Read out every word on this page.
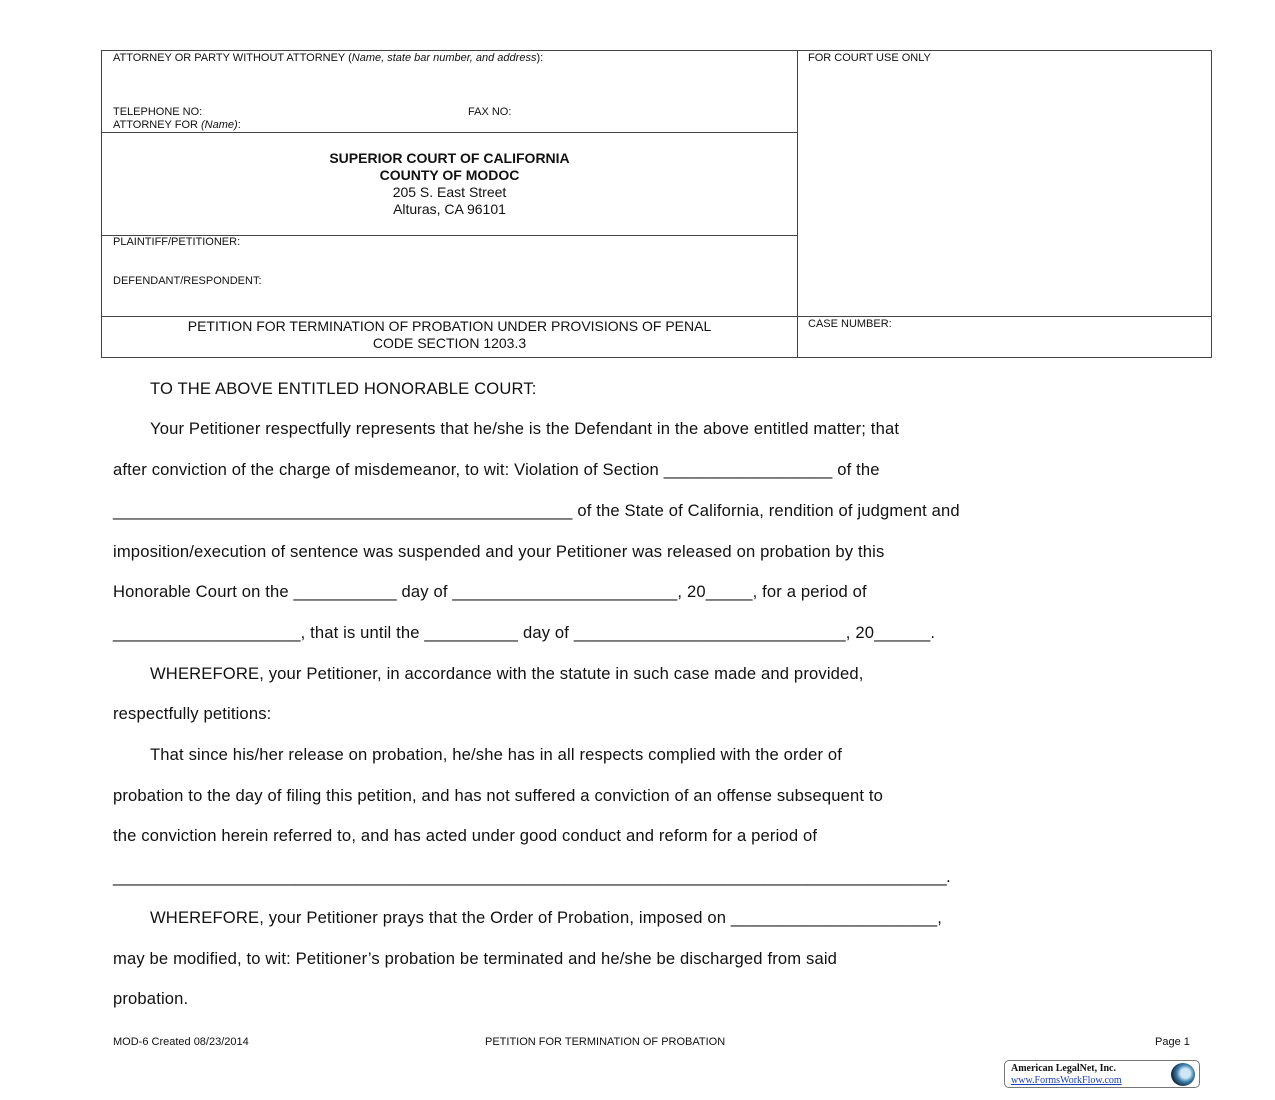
ATTORNEY OR PARTY WITHOUT ATTORNEY (Name, state bar number, and address):
TELEPHONE NO:	FAX NO:
ATTORNEY FOR (Name):
FOR COURT USE ONLY
SUPERIOR COURT OF CALIFORNIA
COUNTY OF MODOC
205 S. East Street
Alturas, CA 96101
PLAINTIFF/PETITIONER:
DEFENDANT/RESPONDENT:
PETITION FOR TERMINATION OF PROBATION UNDER PROVISIONS OF PENAL
CODE SECTION 1203.3
CASE NUMBER:
TO THE ABOVE ENTITLED HONORABLE COURT:
Your Petitioner respectfully represents that he/she is the Defendant in the above entitled matter; that
after conviction of the charge of misdemeanor, to wit: Violation of Section __________________ of the
_________________________________________________ of the State of California, rendition of judgment and
imposition/execution of sentence was suspended and your Petitioner was released on probation by this
Honorable Court on the ___________ day of ________________________, 20_____, for a period of
____________________, that is until the __________ day of _____________________________, 20______.
WHEREFORE, your Petitioner, in accordance with the statute in such case made and provided,
respectfully petitions:
That since his/her release on probation, he/she has in all respects complied with the order of
probation to the day of filing this petition, and has not suffered a conviction of an offense subsequent to
the conviction herein referred to, and has acted under good conduct and reform for a period of
________________________________________________________________________________________________.
WHEREFORE, your Petitioner prays that the Order of Probation, imposed on ______________________,
may be modified, to wit: Petitioner’s probation be terminated and he/she be discharged from said
probation.
MOD-6 Created 08/23/2014	PETITION FOR TERMINATION OF PROBATION	Page 1
American LegalNet, Inc.
www.FormsWorkFlow.com
